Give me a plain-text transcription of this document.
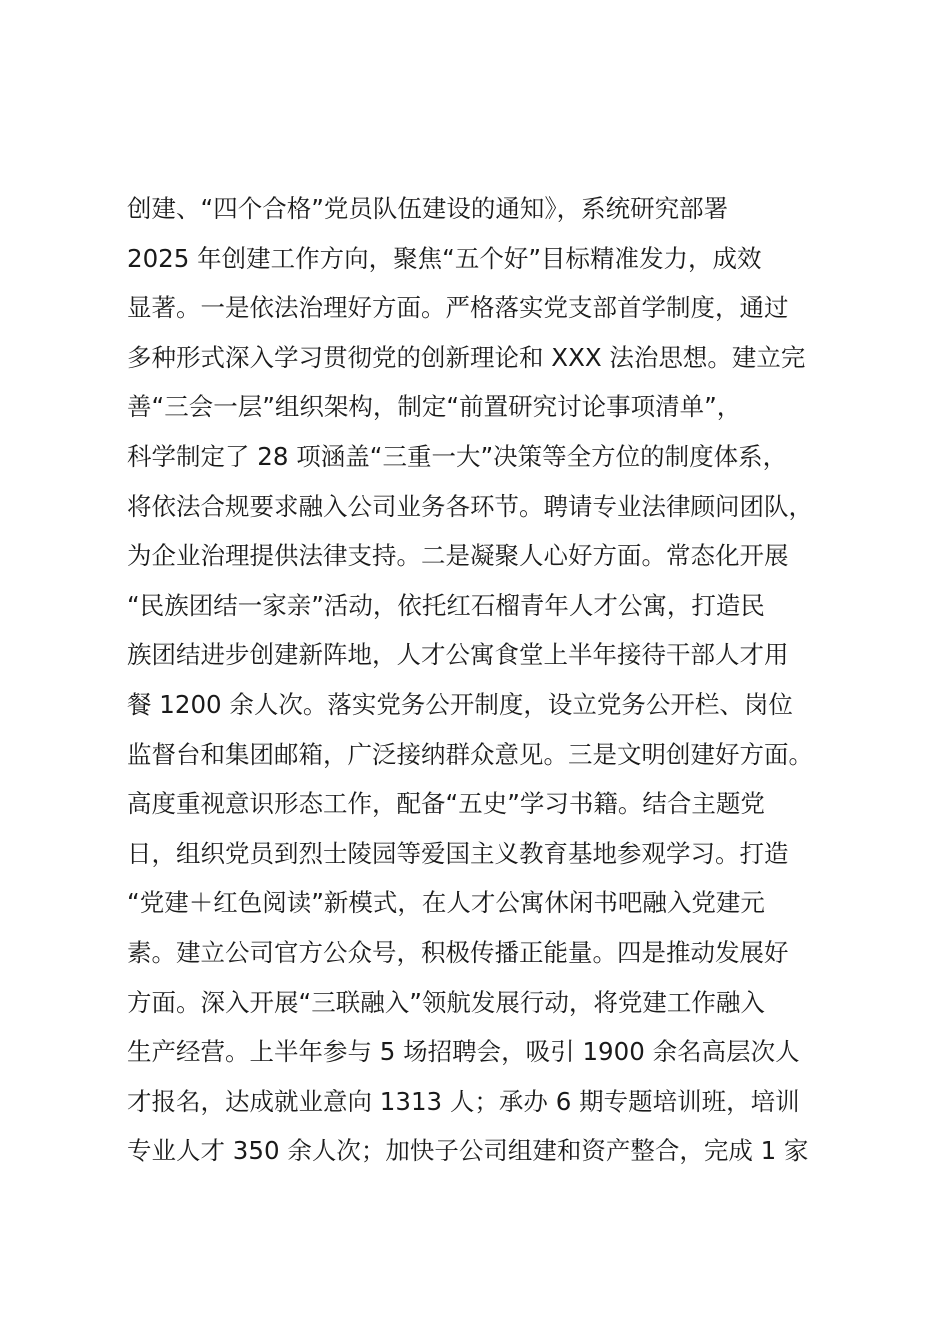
创建、“四个合格”党员队伍建设的通知》，系统研究部署
2025 年创建工作方向，聚焦“五个好”目标精准发力，成效
显著。一是依法治理好方面。严格落实党支部首学制度，通过
多种形式深入学习贯彻党的创新理论和 XXX 法治思想。建立完
善“三会一层”组织架构，制定“前置研究讨论事项清单”，
科学制定了 28 项涵盖“三重一大”决策等全方位的制度体系，
将依法合规要求融入公司业务各环节。聘请专业法律顾问团队，
为企业治理提供法律支持。二是凝聚人心好方面。常态化开展
“民族团结一家亲”活动，依托红石榴青年人才公寓，打造民
族团结进步创建新阵地，人才公寓食堂上半年接待干部人才用
餐 1200 余人次。落实党务公开制度，设立党务公开栏、岗位
监督台和集团邮箱，广泛接纳群众意见。三是文明创建好方面。
高度重视意识形态工作，配备“五史”学习书籍。结合主题党
日，组织党员到烈士陵园等爱国主义教育基地参观学习。打造
“党建＋红色阅读”新模式，在人才公寓休闲书吧融入党建元
素。建立公司官方公众号，积极传播正能量。四是推动发展好
方面。深入开展“三联融入”领航发展行动，将党建工作融入
生产经营。上半年参与 5 场招聘会，吸引 1900 余名高层次人
才报名，达成就业意向 1313 人；承办 6 期专题培训班，培训
专业人才 350 余人次；加快子公司组建和资产整合，完成 1 家
